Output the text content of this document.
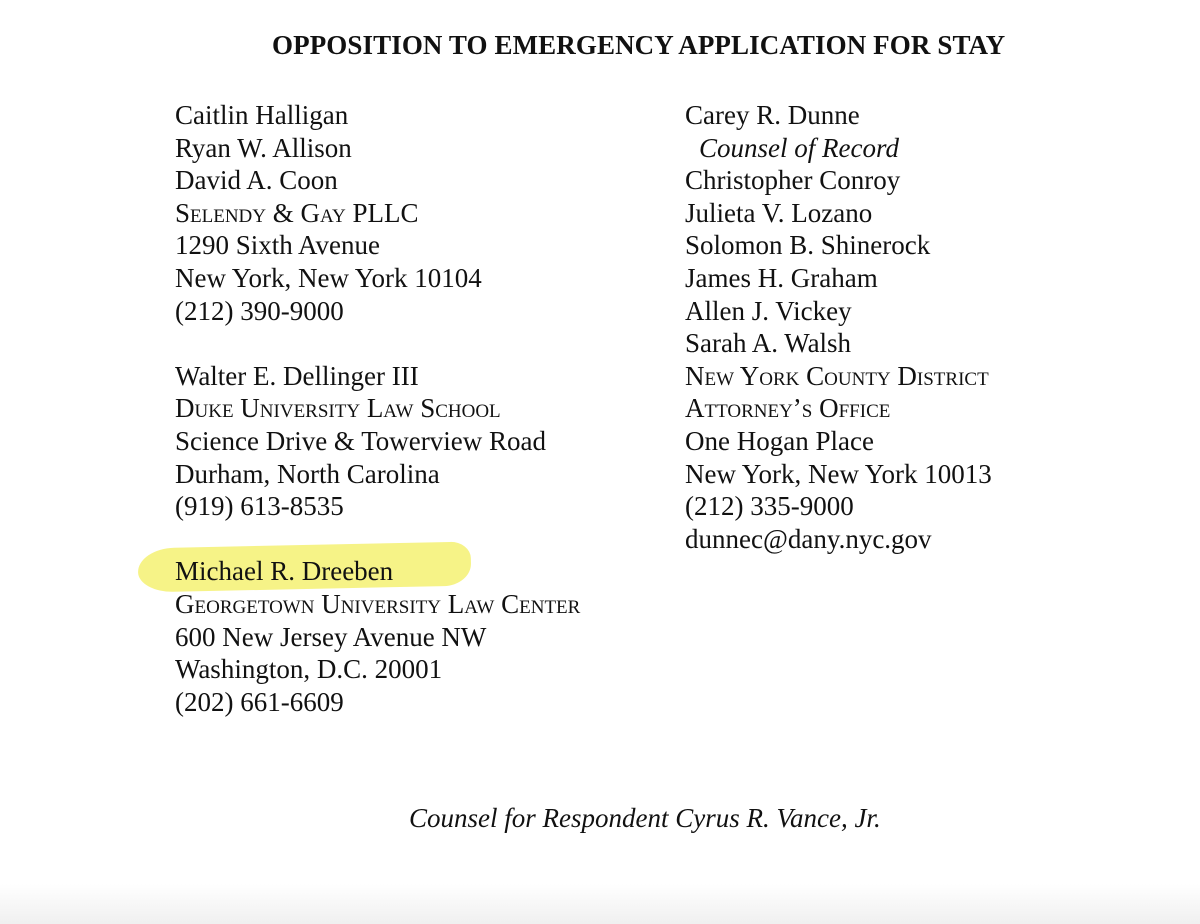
OPPOSITION TO EMERGENCY APPLICATION FOR STAY
Caitlin Halligan
Ryan W. Allison
David A. Coon
Selendy & Gay PLLC
1290 Sixth Avenue
New York, New York 10104
(212) 390-9000
Walter E. Dellinger III
Duke University Law School
Science Drive & Towerview Road
Durham, North Carolina
(919) 613-8535
Michael R. Dreeben
Georgetown University Law Center
600 New Jersey Avenue NW
Washington, D.C. 20001
(202) 661-6609
Carey R. Dunne
Counsel of Record
Christopher Conroy
Julieta V. Lozano
Solomon B. Shinerock
James H. Graham
Allen J. Vickey
Sarah A. Walsh
New York County District
Attorney’s Office
One Hogan Place
New York, New York 10013
(212) 335-9000
dunnec@dany.nyc.gov
Counsel for Respondent Cyrus R. Vance, Jr.
